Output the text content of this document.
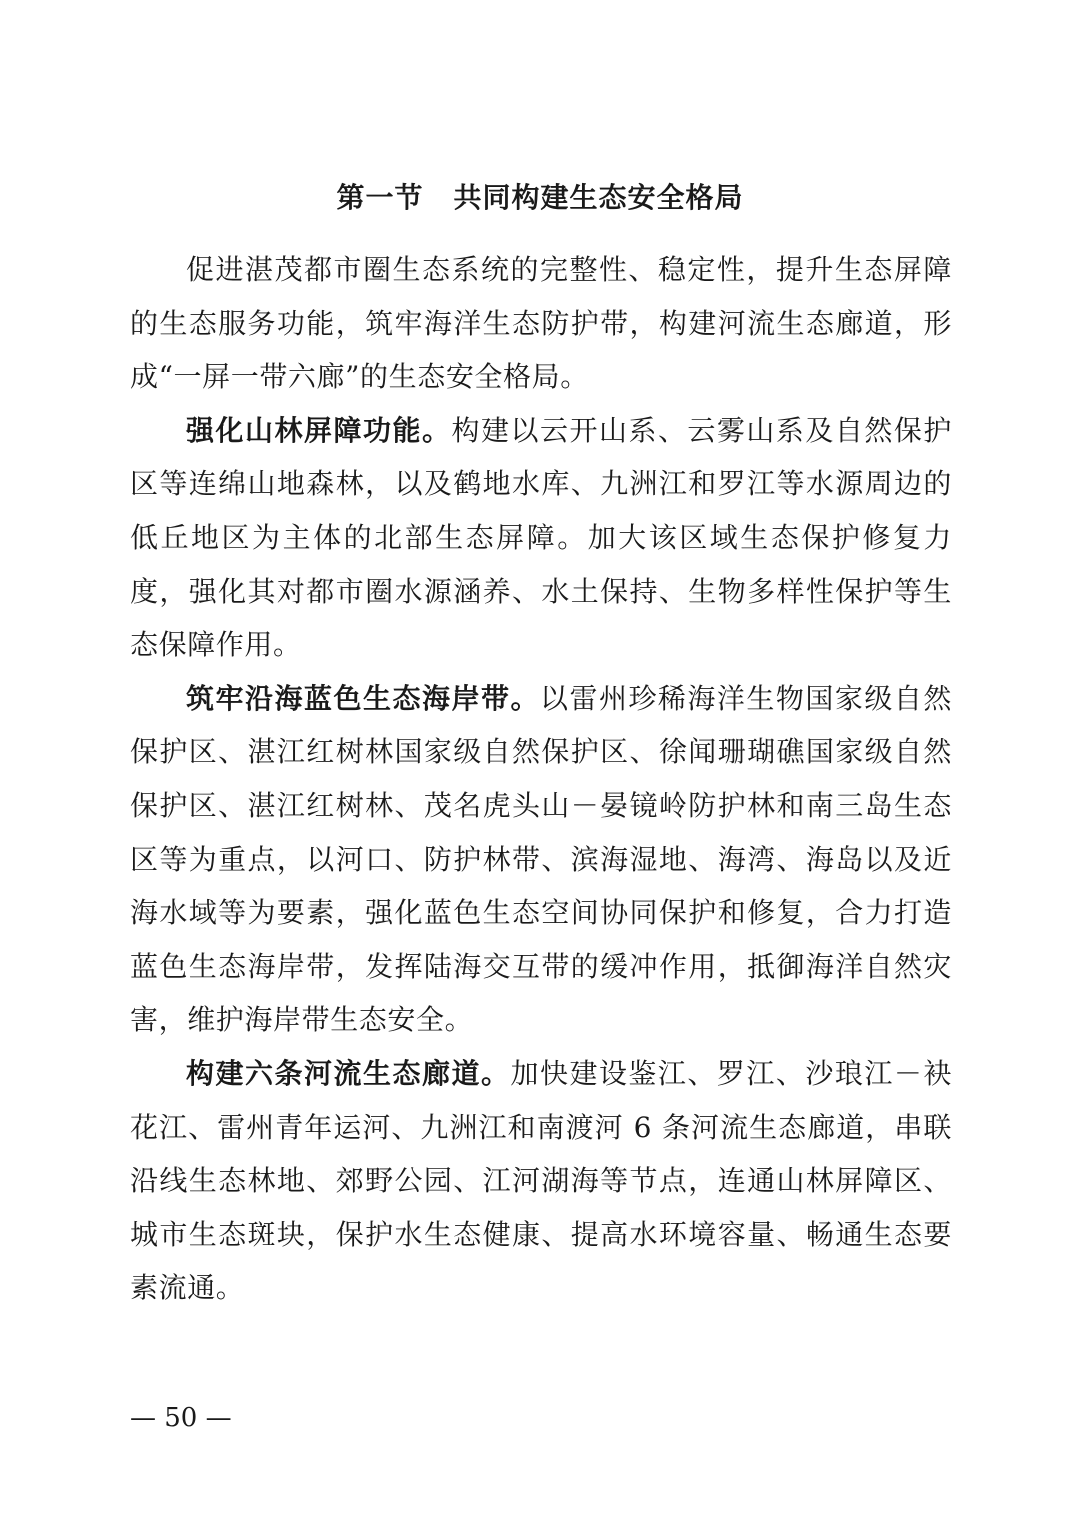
第一节 共同构建生态安全格局

促进湛茂都市圈生态系统的完整性、稳定性，提升生态屏障的生态服务功能，筑牢海洋生态防护带，构建河流生态廊道，形成“一屏一带六廊”的生态安全格局。

强化山林屏障功能。构建以云开山系、云雾山系及自然保护区等连绵山地森林，以及鹤地水库、九洲江和罗江等水源周边的低丘地区为主体的北部生态屏障。加大该区域生态保护修复力度，强化其对都市圈水源涵养、水土保持、生物多样性保护等生态保障作用。

筑牢沿海蓝色生态海岸带。以雷州珍稀海洋生物国家级自然保护区、湛江红树林国家级自然保护区、徐闻珊瑚礁国家级自然保护区、湛江红树林、茂名虎头山－晏镜岭防护林和南三岛生态区等为重点，以河口、防护林带、滨海湿地、海湾、海岛以及近海水域等为要素，强化蓝色生态空间协同保护和修复，合力打造蓝色生态海岸带，发挥陆海交互带的缓冲作用，抵御海洋自然灾害，维护海岸带生态安全。

构建六条河流生态廊道。加快建设鉴江、罗江、沙琅江－袂花江、雷州青年运河、九洲江和南渡河 6 条河流生态廊道，串联沿线生态林地、郊野公园、江河湖海等节点，连通山林屏障区、城市生态斑块，保护水生态健康、提高水环境容量、畅通生态要素流通。

— 50 —
